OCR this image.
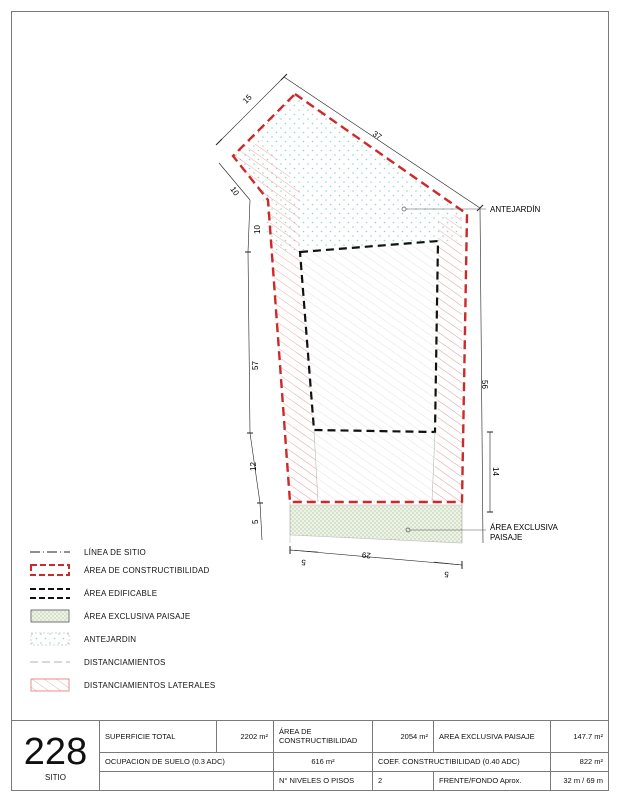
15
37
10
10
57
12
5
56
14
29
5
5
ANTEJARDÍN
ÁREA EXCLUSIVA
PAISAJE
LÍNEA DE SITIO
ÁREA DE CONSTRUCTIBILIDAD
ÁREA EDIFICABLE
ÁREA EXCLUSIVA PAISAJE
ANTEJARDIN
DISTANCIAMIENTOS
DISTANCIAMIENTOS LATERALES
228
SITIO	SUPERFICIE TOTAL	2202 m²	ÁREA DE CONSTRUCTIBILIDAD	2054 m²	AREA EXCLUSIVA PAISAJE	147.7 m²
	OCUPACION DE SUELO (0.3 ADC)		616 m²	COEF. CONSTRUCTIBILIDAD (0.40 ADC)		822 m²
			N° NIVELES O PISOS	2	FRENTE/FONDO Aprox.	32 m / 69 m
